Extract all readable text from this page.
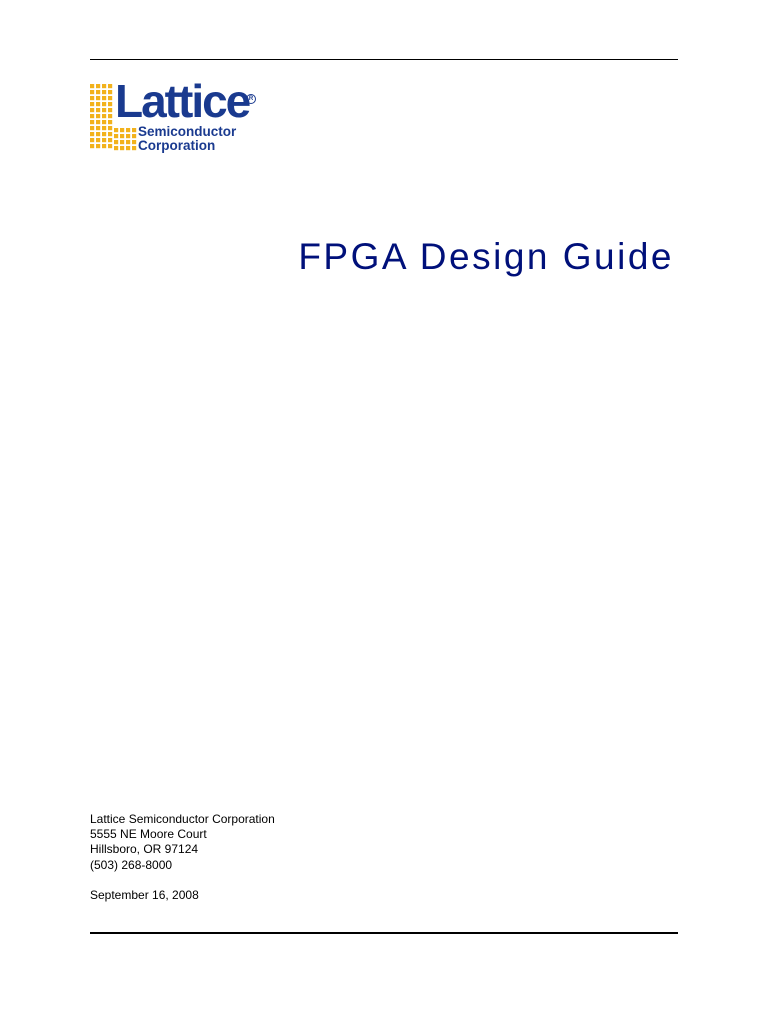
Lattice R
Semiconductor
Corporation
FPGA Design Guide
Lattice Semiconductor Corporation
5555 NE Moore Court
Hillsboro, OR 97124
(503) 268-8000
September 16, 2008
